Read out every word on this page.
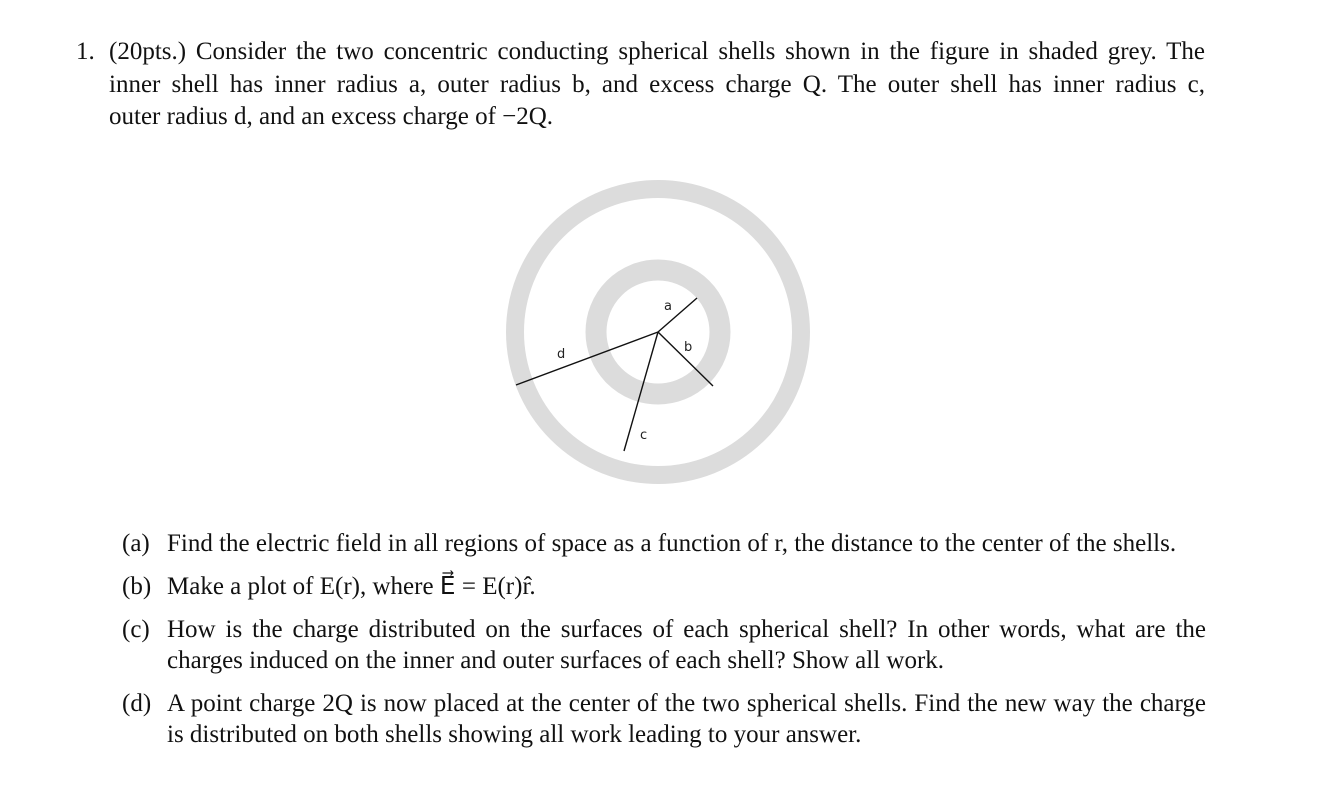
1. (20pts.) Consider the two concentric conducting spherical shells shown in the figure in shaded grey. The
inner shell has inner radius a, outer radius b, and excess charge Q. The outer shell has inner radius c,
outer radius d, and an excess charge of −2Q.
a
b
c
d
(a) Find the electric field in all regions of space as a function of r, the distance to the center of the shells.
(b) Make a plot of E(r), where E⃗ = E(r)r̂.
(c) How is the charge distributed on the surfaces of each spherical shell? In other words, what are the charges induced on the inner and outer surfaces of each shell? Show all work.
(d) A point charge 2Q is now placed at the center of the two spherical shells. Find the new way the charge is distributed on both shells showing all work leading to your answer.
